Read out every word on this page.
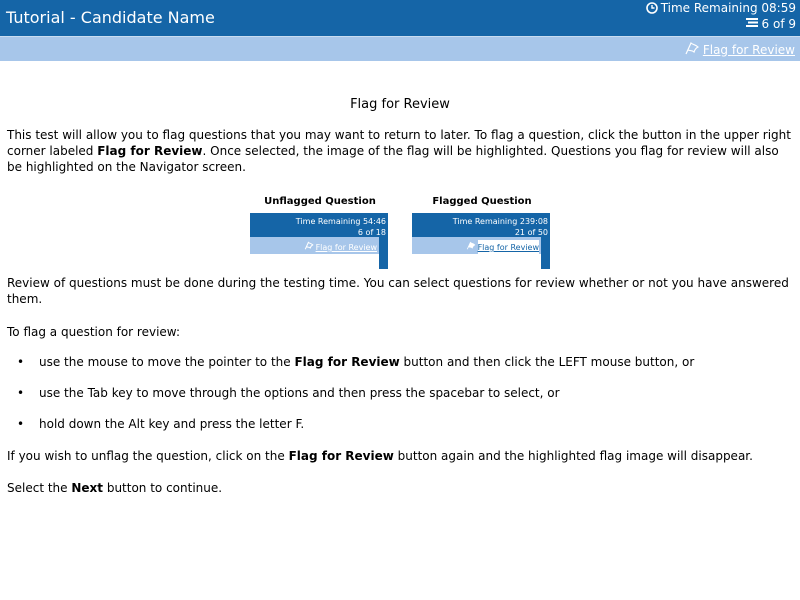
Tutorial - Candidate Name	Time Remaining 08:59
6 of 9
Flag for Review
Flag for Review

This test will allow you to flag questions that you may want to return to later. To flag a question, click the button in the upper right corner labeled Flag for Review. Once selected, the image of the flag will be highlighted. Questions you flag for review will also be highlighted on the Navigator screen.

Unflagged Question
Time Remaining 54:46
6 of 18
Flag for Review
Flagged Question
Time Remaining 239:08
21 of 50
Flag for Review

Review of questions must be done during the testing time. You can select questions for review whether or not you have answered them.

To flag a question for review:

• use the mouse to move the pointer to the Flag for Review button and then click the LEFT mouse button, or
• use the Tab key to move through the options and then press the spacebar to select, or
• hold down the Alt key and press the letter F.

If you wish to unflag the question, click on the Flag for Review button again and the highlighted flag image will disappear.

Select the Next button to continue.
